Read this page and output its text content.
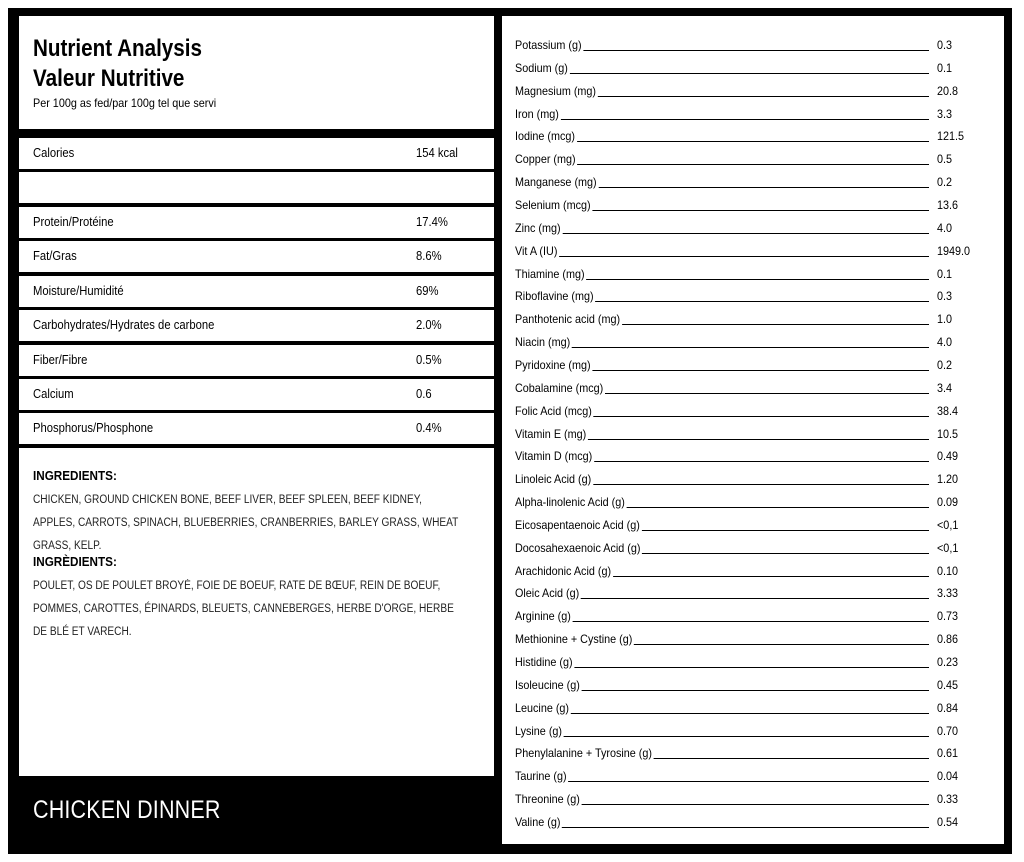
Nutrient Analysis
Valeur Nutritive
Per 100g as fed/par 100g tel que servi
Calories	154 kcal
Protein/Protéine	17.4%
Fat/Gras	8.6%
Moisture/Humidité	69%
Carbohydrates/Hydrates de carbone	2.0%
Fiber/Fibre	0.5%
Calcium	0.6
Phosphorus/Phosphone	0.4%
INGREDIENTS:
CHICKEN, GROUND CHICKEN BONE, BEEF LIVER, BEEF SPLEEN, BEEF KIDNEY, APPLES, CARROTS, SPINACH, BLUEBERRIES, CRANBERRIES, BARLEY GRASS, WHEAT GRASS, KELP.
INGRÈDIENTS:
POULET, OS DE POULET BROYÉ, FOIE DE BOEUF, RATE DE BŒUF, REIN DE BOEUF, POMMES, CAROTTES, ÉPINARDS, BLEUETS, CANNEBERGES, HERBE D'ORGE, HERBE DE BLÉ ET VARECH.
CHICKEN DINNER
Potassium (g)	0.3
Sodium (g)	0.1
Magnesium (mg)	20.8
Iron (mg)	3.3
Iodine (mcg)	121.5
Copper (mg)	0.5
Manganese (mg)	0.2
Selenium (mcg)	13.6
Zinc (mg)	4.0
Vit A (IU)	1949.0
Thiamine (mg)	0.1
Riboflavine (mg)	0.3
Panthotenic acid (mg)	1.0
Niacin (mg)	4.0
Pyridoxine (mg)	0.2
Cobalamine (mcg)	3.4
Folic Acid (mcg)	38.4
Vitamin E (mg)	10.5
Vitamin D (mcg)	0.49
Linoleic Acid (g)	1.20
Alpha-linolenic Acid (g)	0.09
Eicosapentaenoic Acid (g)	<0,1
Docosahexaenoic Acid (g)	<0,1
Arachidonic Acid (g)	0.10
Oleic Acid (g)	3.33
Arginine (g)	0.73
Methionine + Cystine (g)	0.86
Histidine (g)	0.23
Isoleucine (g)	0.45
Leucine (g)	0.84
Lysine (g)	0.70
Phenylalanine + Tyrosine (g)	0.61
Taurine (g)	0.04
Threonine (g)	0.33
Valine (g)	0.54
